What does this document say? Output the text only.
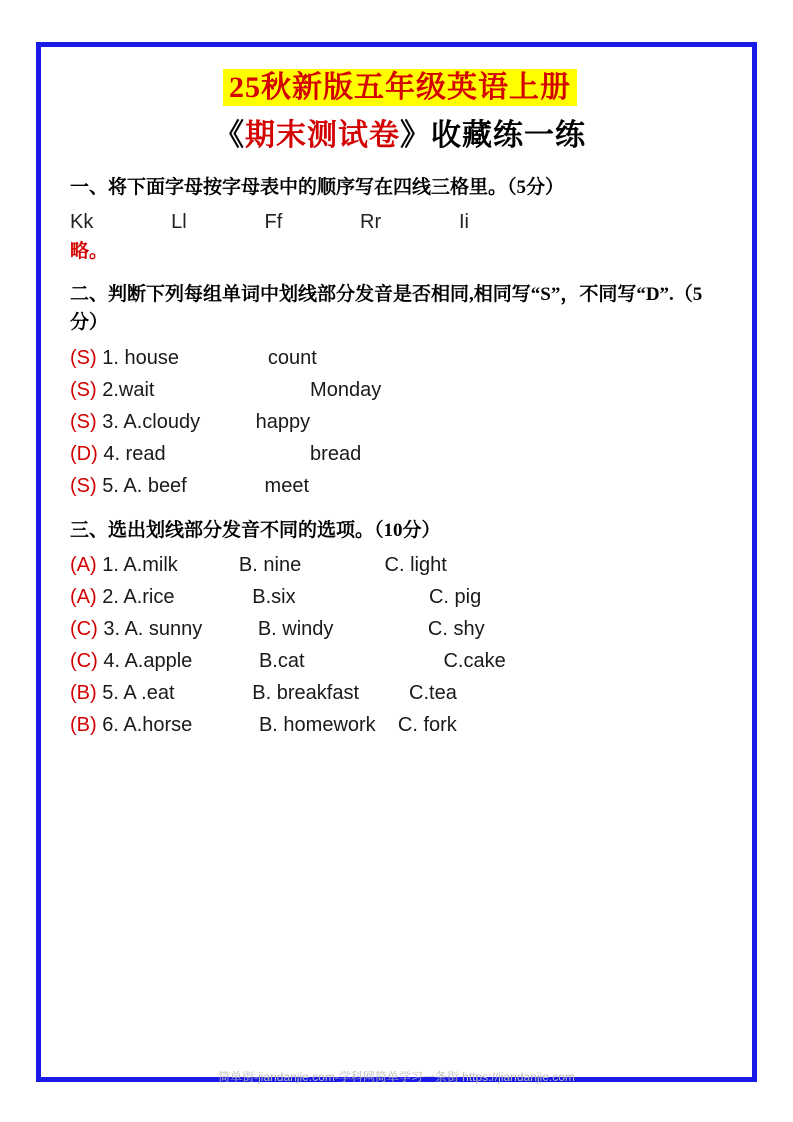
25秋新版五年级英语上册
《期末测试卷》收藏练一练
一、将下面字母按字母表中的顺序写在四线三格里。（5分）
Kk              Ll              Ff              Rr              Ii
略。
二、判断下列每组单词中划线部分发音是否相同,相同写“S”，不同写“D”.（5分）
(S) 1. house                count
(S) 2.wait                            Monday
(S) 3. A.cloudy          happy
(D) 4. read                          bread
(S) 5. A. beef              meet
三、选出划线部分发音不同的选项。（10分）
(A) 1. A.milk           B. nine               C. light
(A) 2. A.rice              B.six                        C. pig
(C) 3. A. sunny          B. windy                 C. shy
(C) 4. A.apple            B.cat                         C.cake
(B) 5. A .eat              B. breakfast         C.tea
(B) 6. A.horse            B. homework    C. fork
简单街-jiandanjie.com-学科网简单学习一条街 https://jiandanjie.com
